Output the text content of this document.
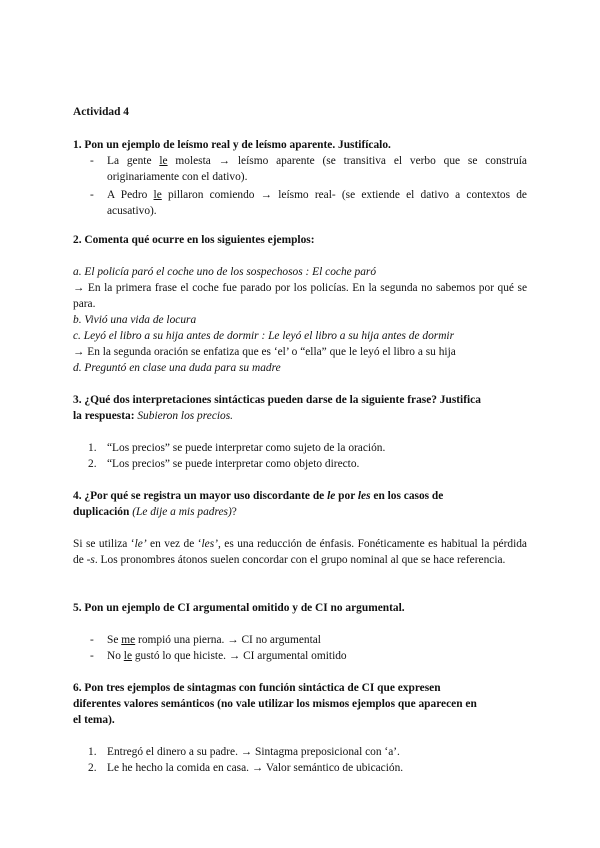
Actividad 4
1. Pon un ejemplo de leísmo real y de leísmo aparente. Justifícalo.
- La gente le molesta → leísmo aparente (se transitiva el verbo que se construía originariamente con el dativo).
- A Pedro le pillaron comiendo → leísmo real- (se extiende el dativo a contextos de acusativo).
2. Comenta qué ocurre en los siguientes ejemplos:
a. El policía paró el coche uno de los sospechosos : El coche paró
→ En la primera frase el coche fue parado por los policías. En la segunda no sabemos por qué se para.
b. Vivió una vida de locura
c. Leyó el libro a su hija antes de dormir : Le leyó el libro a su hija antes de dormir
→ En la segunda oración se enfatiza que es ‘el’ o “ella” que le leyó el libro a su hija
d. Preguntó en clase una duda para su madre
3. ¿Qué dos interpretaciones sintácticas pueden darse de la siguiente frase? Justifica
la respuesta: Subieron los precios.
1. “Los precios” se puede interpretar como sujeto de la oración.
2. “Los precios” se puede interpretar como objeto directo.
4. ¿Por qué se registra un mayor uso discordante de le por les en los casos de
duplicación (Le dije a mis padres)?
Si se utiliza ‘le’ en vez de ‘les’, es una reducción de énfasis. Fonéticamente es habitual la pérdida de -s. Los pronombres átonos suelen concordar con el grupo nominal al que se hace referencia.
5. Pon un ejemplo de CI argumental omitido y de CI no argumental.
- Se me rompió una pierna. → CI no argumental
- No le gustó lo que hiciste. → CI argumental omitido
6. Pon tres ejemplos de sintagmas con función sintáctica de CI que expresen
diferentes valores semánticos (no vale utilizar los mismos ejemplos que aparecen en
el tema).
1. Entregó el dinero a su padre. → Sintagma preposicional con ‘a’.
2. Le he hecho la comida en casa. → Valor semántico de ubicación.
